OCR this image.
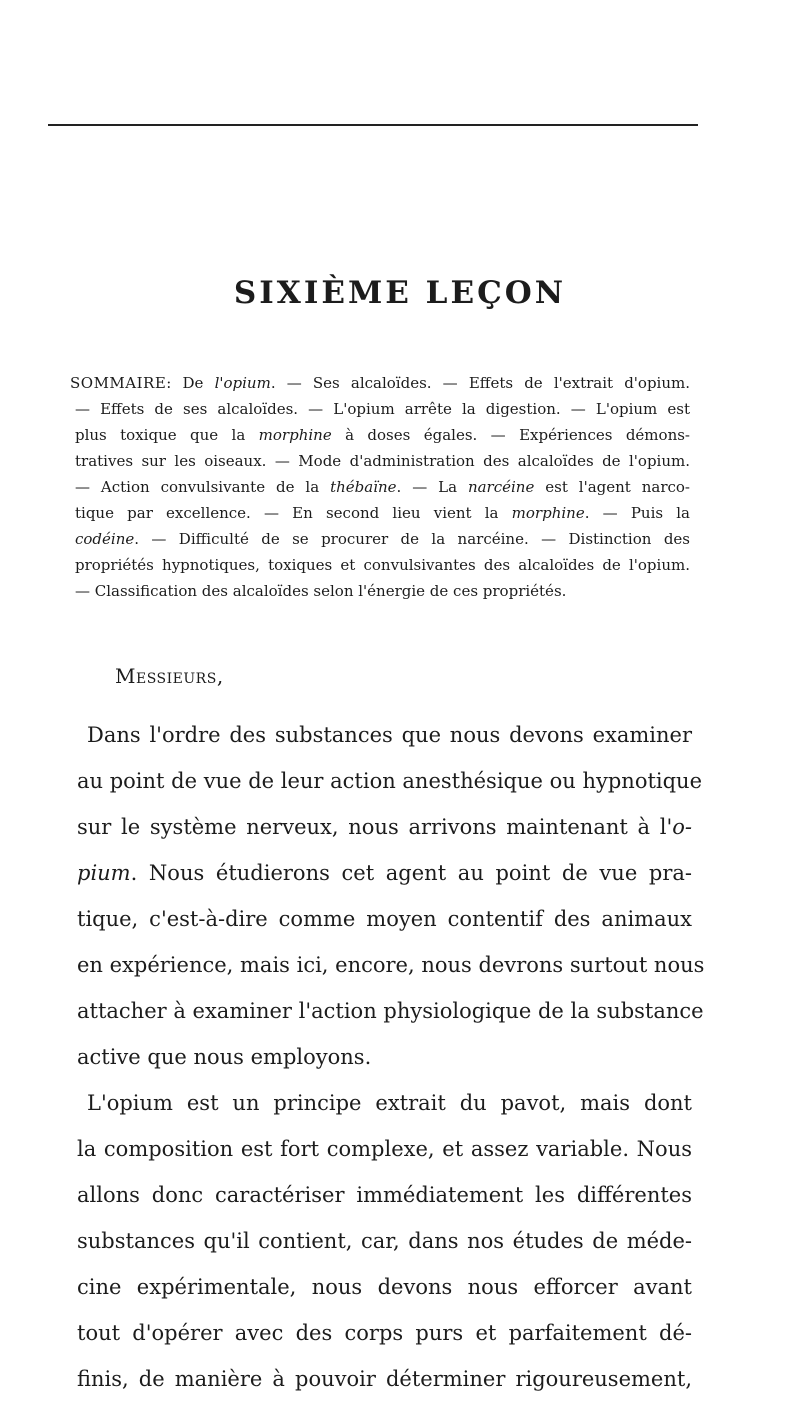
SIXIÈME LEÇON
SOMMAIRE: De l'opium. — Ses alcaloïdes. — Effets de l'extrait d'opium.
— Effets de ses alcaloïdes. — L'opium arrête la digestion. — L'opium est
plus toxique que la morphine à doses égales. — Expériences démons-
tratives sur les oiseaux. — Mode d'administration des alcaloïdes de l'opium.
— Action convulsivante de la thébaïne. — La narcéine est l'agent narco-
tique par excellence. — En second lieu vient la morphine. — Puis la
codéine. — Difficulté de se procurer de la narcéine. — Distinction des
propriétés hypnotiques, toxiques et convulsivantes des alcaloïdes de l'opium.
— Classification des alcaloïdes selon l'énergie de ces propriétés.
Messieurs,
Dans l'ordre des substances que nous devons examiner
au point de vue de leur action anesthésique ou hypnotique
sur le système nerveux, nous arrivons maintenant à l'o-
pium. Nous étudierons cet agent au point de vue pra-
tique, c'est-à-dire comme moyen contentif des animaux
en expérience, mais ici, encore, nous devrons surtout nous
attacher à examiner l'action physiologique de la substance
active que nous employons.
L'opium est un principe extrait du pavot, mais dont
la composition est fort complexe, et assez variable. Nous
allons donc caractériser immédiatement les différentes
substances qu'il contient, car, dans nos études de méde-
cine expérimentale, nous devons nous efforcer avant
tout d'opérer avec des corps purs et parfaitement dé-
finis, de manière à pouvoir déterminer rigoureusement,
